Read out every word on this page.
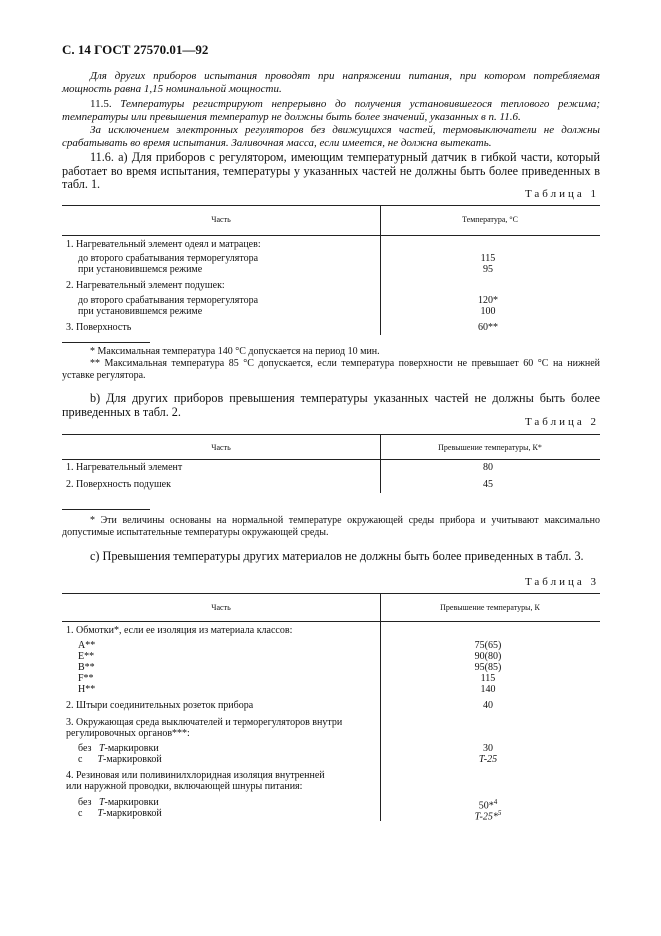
С. 14 ГОСТ 27570.01—92
Для других приборов испытания проводят при напряжении питания, при котором потребляемая мощность равна 1,15 номинальной мощности.
11.5. Температуры регистрируют непрерывно до получения установившегося теплового режима; температуры или превышения температур не должны быть более значений, указанных в п. 11.6.
За исключением электронных регуляторов без движущихся частей, термовыключатели не должны срабатывать во время испытания. Заливочная масса, если имеется, не должна вытекать.
11.6. а) Для приборов с регулятором, имеющим температурный датчик в гибкой части, который работает во время испытания, температуры у указанных частей не должны быть более приведенных в табл. 1.
Таблица 1
Часть	Температура, °С
1. Нагревательный элемент одеял и матрацев:
до второго срабатывания терморегулятора	115
при установившемся режиме	95
2. Нагревательный элемент подушек:
до второго срабатывания терморегулятора	120*
при установившемся режиме	100
3. Поверхность	60**
* Максимальная температура 140 °С допускается на период 10 мин.
** Максимальная температура 85 °С допускается, если температура поверхности не превышает 60 °С на нижней уставке регулятора.
b) Для других приборов превышения температуры указанных частей не должны быть более приведенных в табл. 2.
Таблица 2
Часть	Превышение температуры, К*
1. Нагревательный элемент	80
2. Поверхность подушек	45
* Эти величины основаны на нормальной температуре окружающей среды прибора и учитывают максимально допустимые испытательные температуры окружающей среды.
c) Превышения температуры других материалов не должны быть более приведенных в табл. 3.
Таблица 3
Часть	Превышение температуры, К
1. Обмотки*, если ее изоляция из материала классов:
A**	75(65)
E**	90(80)
B**	95(85)
F**	115
H**	140
2. Штыри соединительных розеток прибора	40
3. Окружающая среда выключателей и терморегуляторов внутри
регулировочных органов***:
без T-маркировки	30
с T-маркировкой	T-25
4. Резиновая или поливинилхлоридная изоляция внутренней
или наружной проводки, включающей шнуры питания:
без T-маркировки	50*$^4$
с T-маркировкой	T-25*$^5$
